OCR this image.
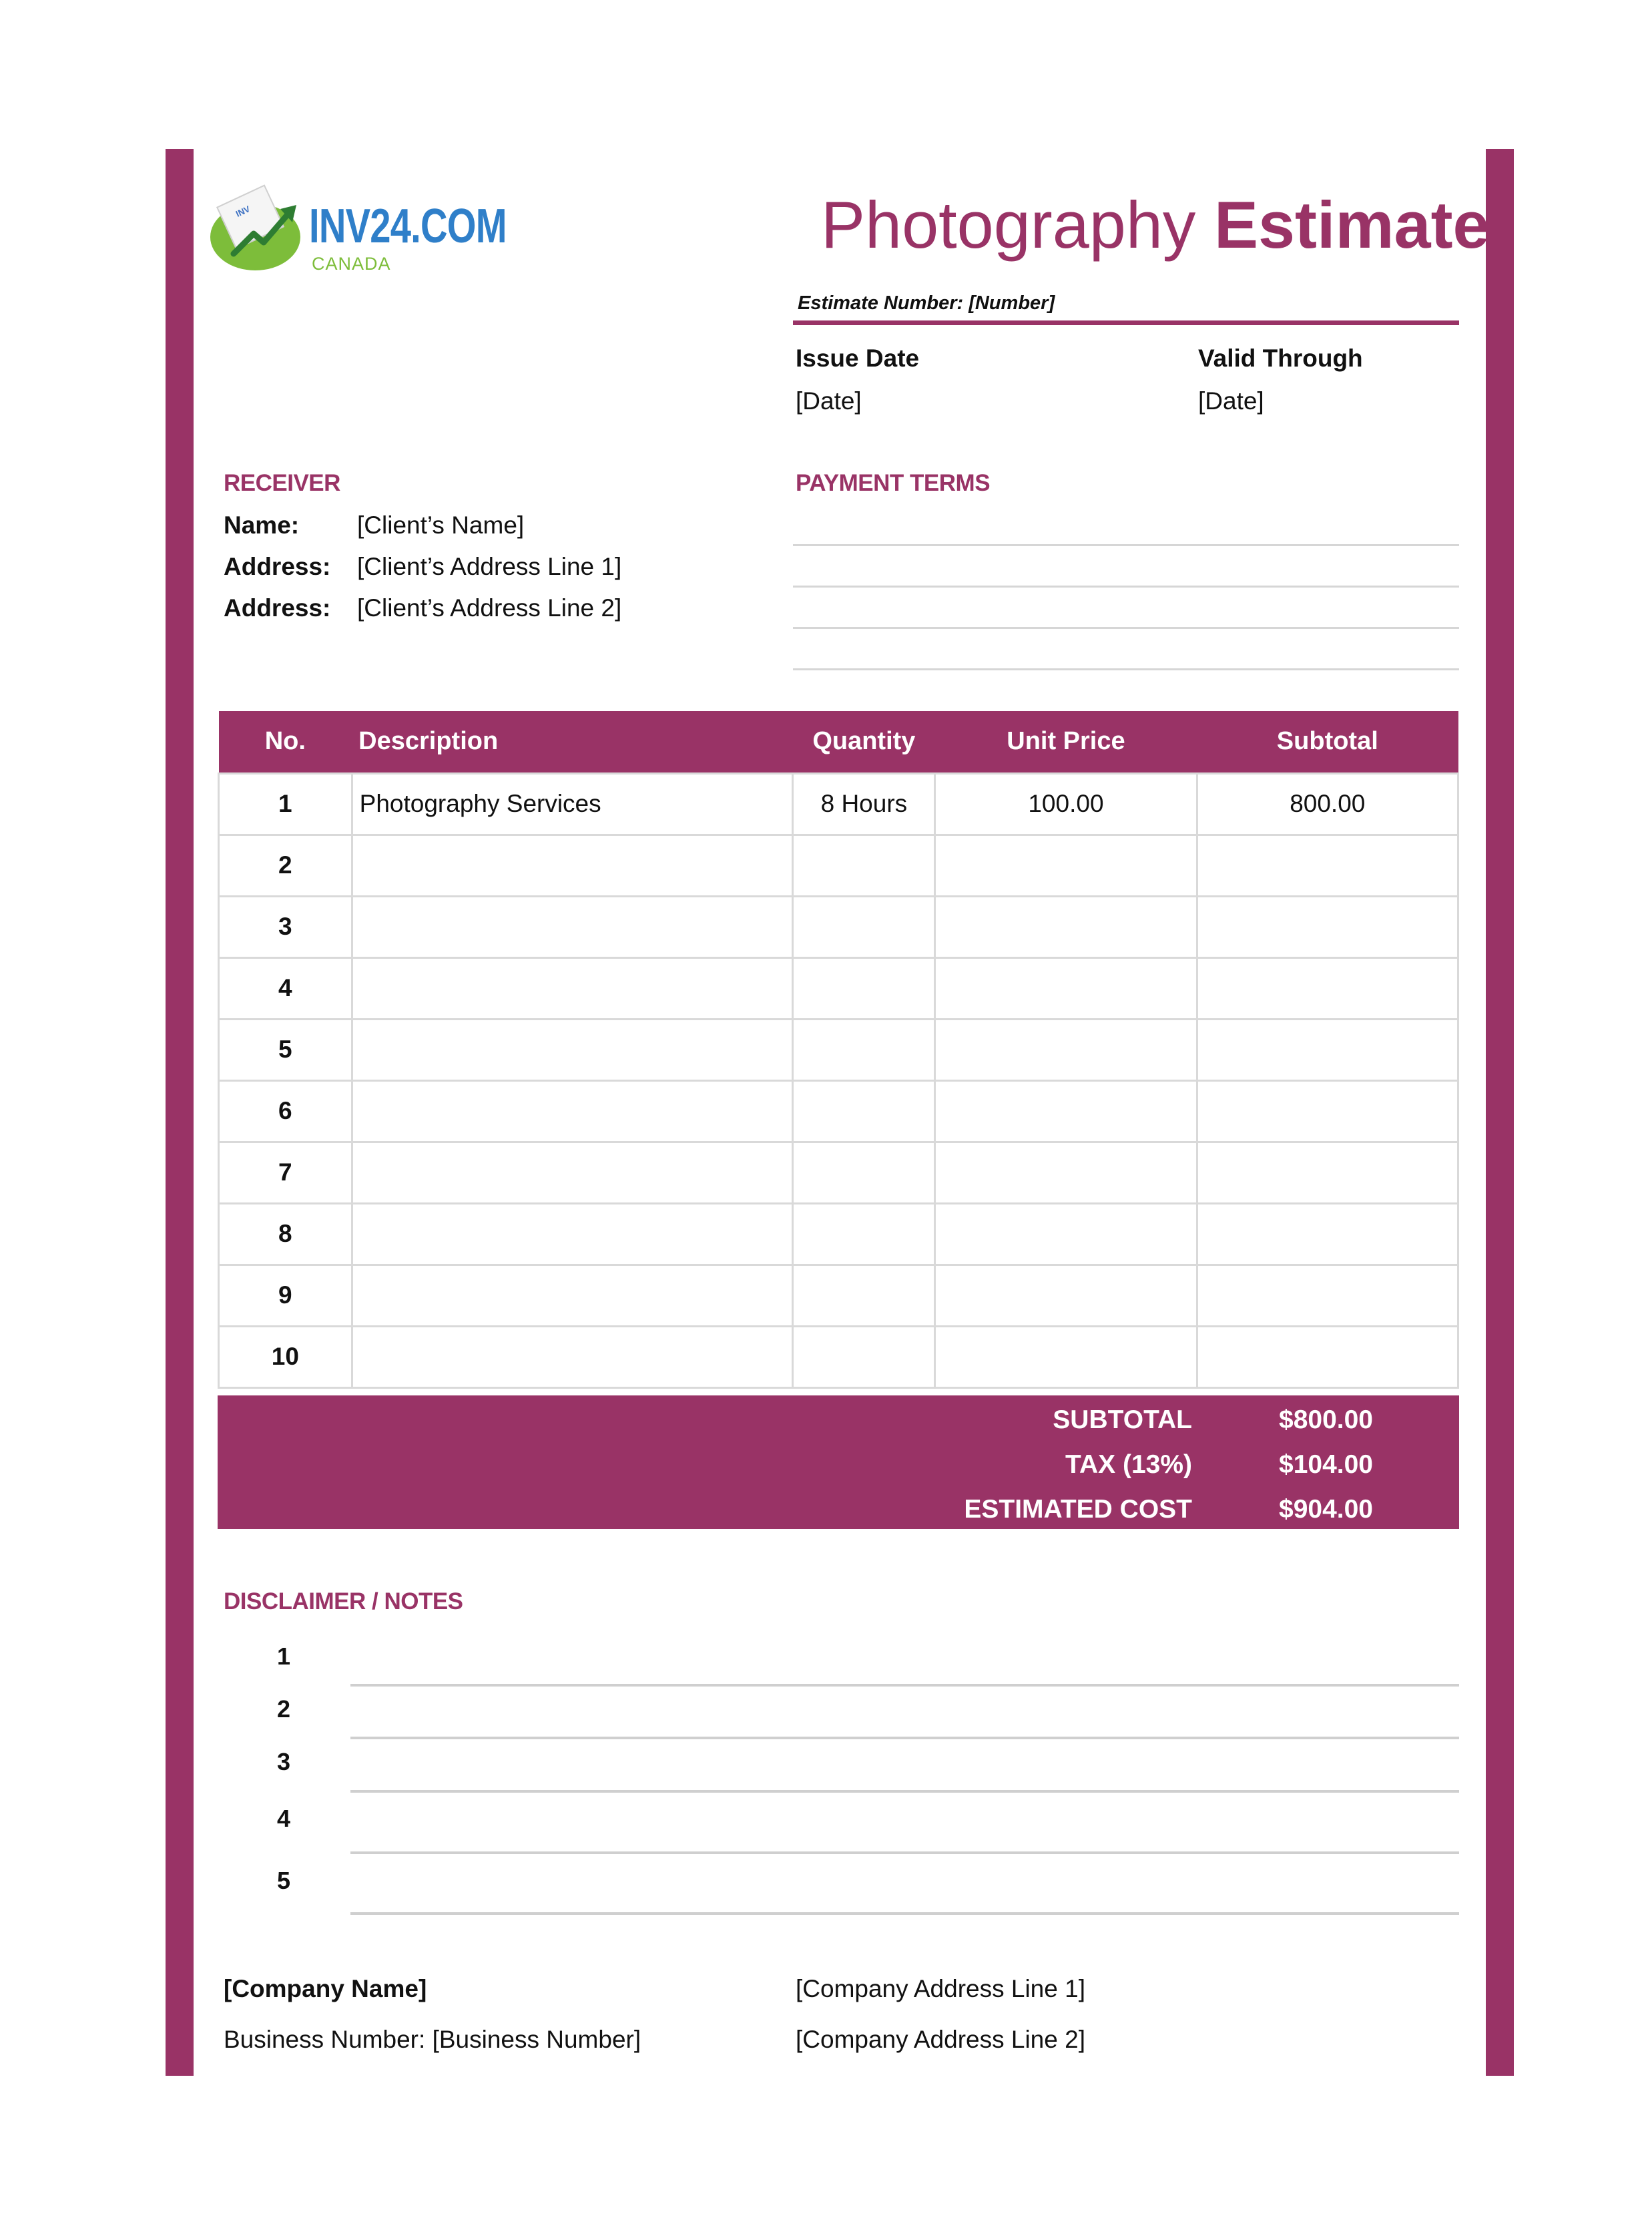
INV INV24.COM
CANADA
Photography Estimate
Estimate Number: [Number]
Issue Date
[Date]
Valid Through
[Date]
RECEIVER
Name: [Client’s Name]
Address: [Client’s Address Line 1]
Address: [Client’s Address Line 2]
PAYMENT TERMS
No.	Description	Quantity	Unit Price	Subtotal
1	Photography Services	8 Hours	100.00	800.00
2				
3				
4				
5				
6				
7				
8				
9				
10				
SUBTOTAL	$800.00
TAX (13%)	$104.00
ESTIMATED COST	$904.00
DISCLAIMER / NOTES
1
2
3
4
5
[Company Name]
Business Number: [Business Number]
[Company Address Line 1]
[Company Address Line 2]
